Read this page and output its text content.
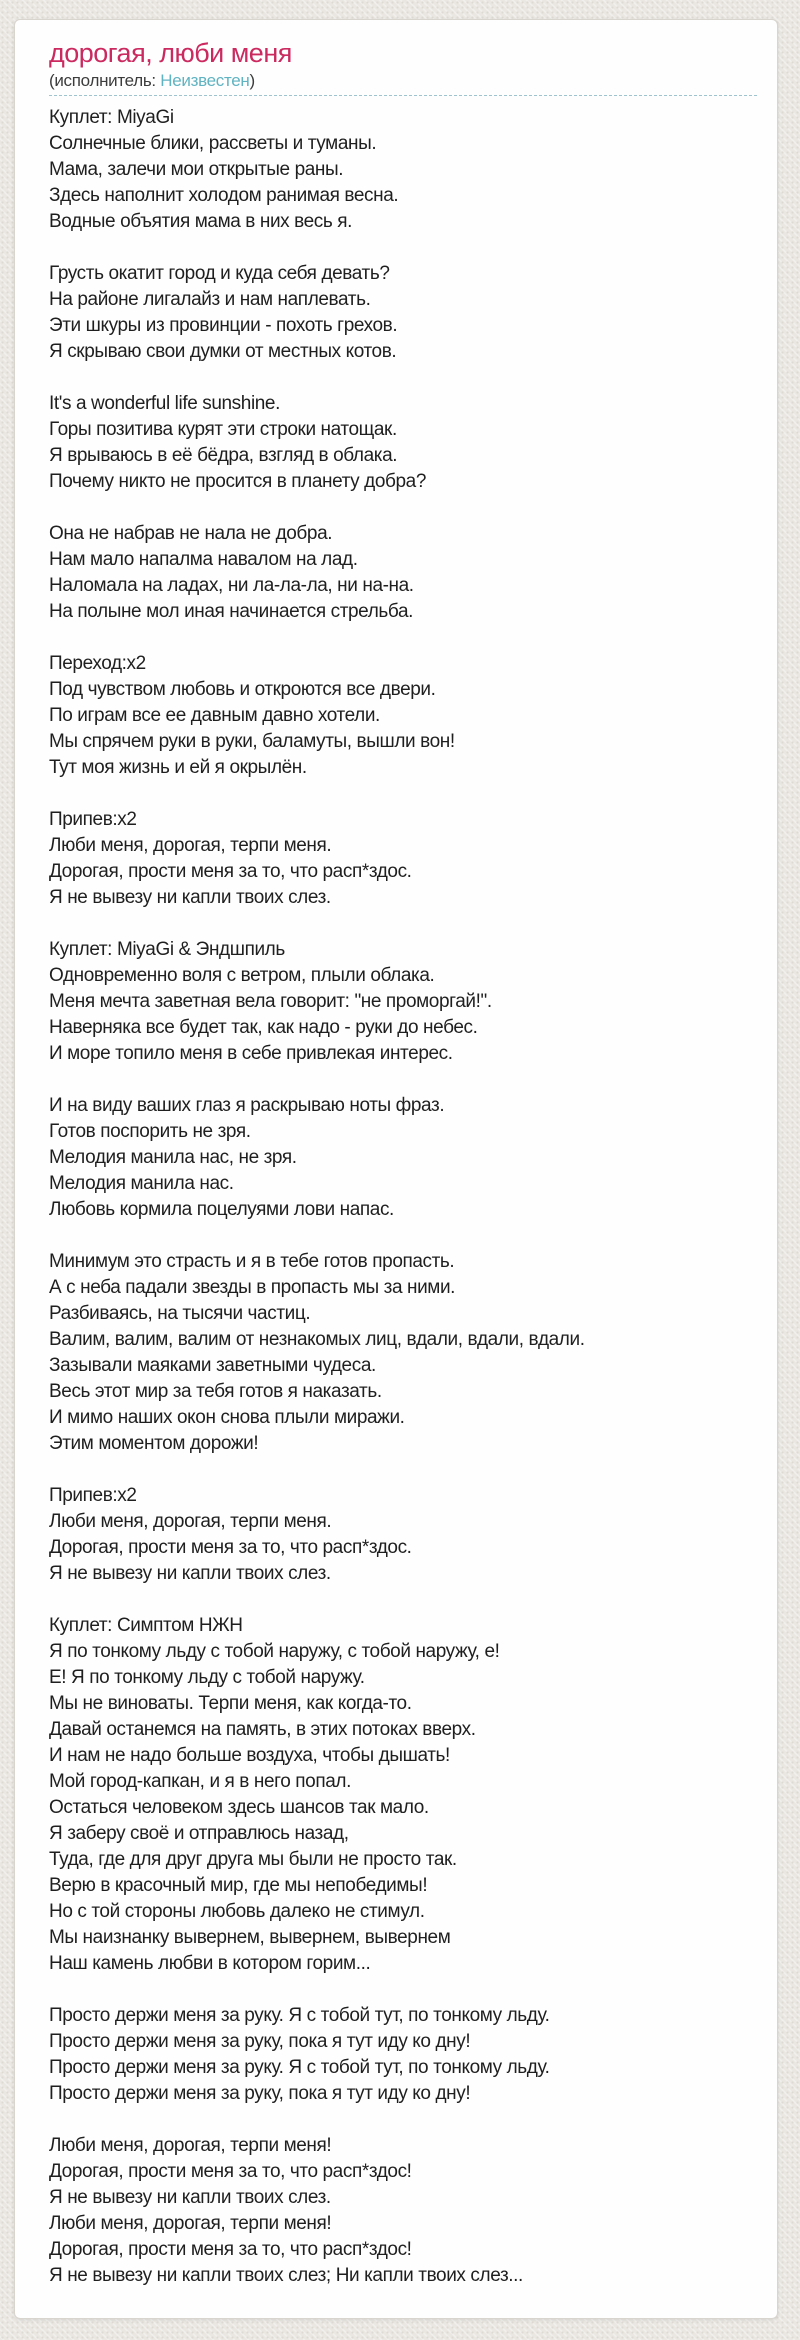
дорогая, люби меня
(исполнитель: Неизвестен)
Куплет: MiyaGi
Солнечные блики, рассветы и туманы.
Мама, залечи мои открытые раны.
Здесь наполнит холодом ранимая весна.
Водные объятия мама в них весь я.
Грусть окатит город и куда себя девать?
На районе лигалайз и нам наплевать.
Эти шкуры из провинции - похоть грехов.
Я скрываю свои думки от местных котов.
It's a wonderful life sunshine.
Горы позитива курят эти строки натощак.
Я врываюсь в её бёдра, взгляд в облака.
Почему никто не просится в планету добра?
Она не набрав не нала не добра.
Нам мало напалма навалом на лад.
Наломала на ладах, ни ла-ла-ла, ни на-на.
На полыне мол иная начинается стрельба.
Переход:х2
Под чувством любовь и откроются все двери.
По играм все ее давным давно хотели.
Мы спрячем руки в руки, баламуты, вышли вон!
Тут моя жизнь и ей я окрылён.
Припев:х2
Люби меня, дорогая, терпи меня.
Дорогая, прости меня за то, что расп*здос.
Я не вывезу ни капли твоих слез.
Куплет: MiyaGi & Эндшпиль
Одновременно воля с ветром, плыли облака.
Меня мечта заветная вела говорит: "не проморгай!".
Наверняка все будет так, как надо - руки до небес.
И море топило меня в себе привлекая интерес.
И на виду ваших глаз я раскрываю ноты фраз.
Готов поспорить не зря.
Мелодия манила нас, не зря.
Мелодия манила нас.
Любовь кормила поцелуями лови напас.
Минимум это страсть и я в тебе готов пропасть.
А с неба падали звезды в пропасть мы за ними.
Разбиваясь, на тысячи частиц.
Валим, валим, валим от незнакомых лиц, вдали, вдали, вдали.
Зазывали маяками заветными чудеса.
Весь этот мир за тебя готов я наказать.
И мимо наших окон снова плыли миражи.
Этим моментом дорожи!
Припев:х2
Люби меня, дорогая, терпи меня.
Дорогая, прости меня за то, что расп*здос.
Я не вывезу ни капли твоих слез.
Куплет: Симптом НЖН
Я по тонкому льду с тобой наружу, с тобой наружу, е!
Е! Я по тонкому льду с тобой наружу.
Мы не виноваты. Терпи меня, как когда-то.
Давай останемся на память, в этих потоках вверх.
И нам не надо больше воздуха, чтобы дышать!
Мой город-капкан, и я в него попал.
Остаться человеком здесь шансов так мало.
Я заберу своё и отправлюсь назад,
Туда, где для друг друга мы были не просто так.
Верю в красочный мир, где мы непобедимы!
Но с той стороны любовь далеко не стимул.
Мы наизнанку вывернем, вывернем, вывернем
Наш камень любви в котором горим...
Просто держи меня за руку. Я с тобой тут, по тонкому льду.
Просто держи меня за руку, пока я тут иду ко дну!
Просто держи меня за руку. Я с тобой тут, по тонкому льду.
Просто держи меня за руку, пока я тут иду ко дну!
Люби меня, дорогая, терпи меня!
Дорогая, прости меня за то, что расп*здос!
Я не вывезу ни капли твоих слез.
Люби меня, дорогая, терпи меня!
Дорогая, прости меня за то, что расп*здос!
Я не вывезу ни капли твоих слез; Ни капли твоих слез...
